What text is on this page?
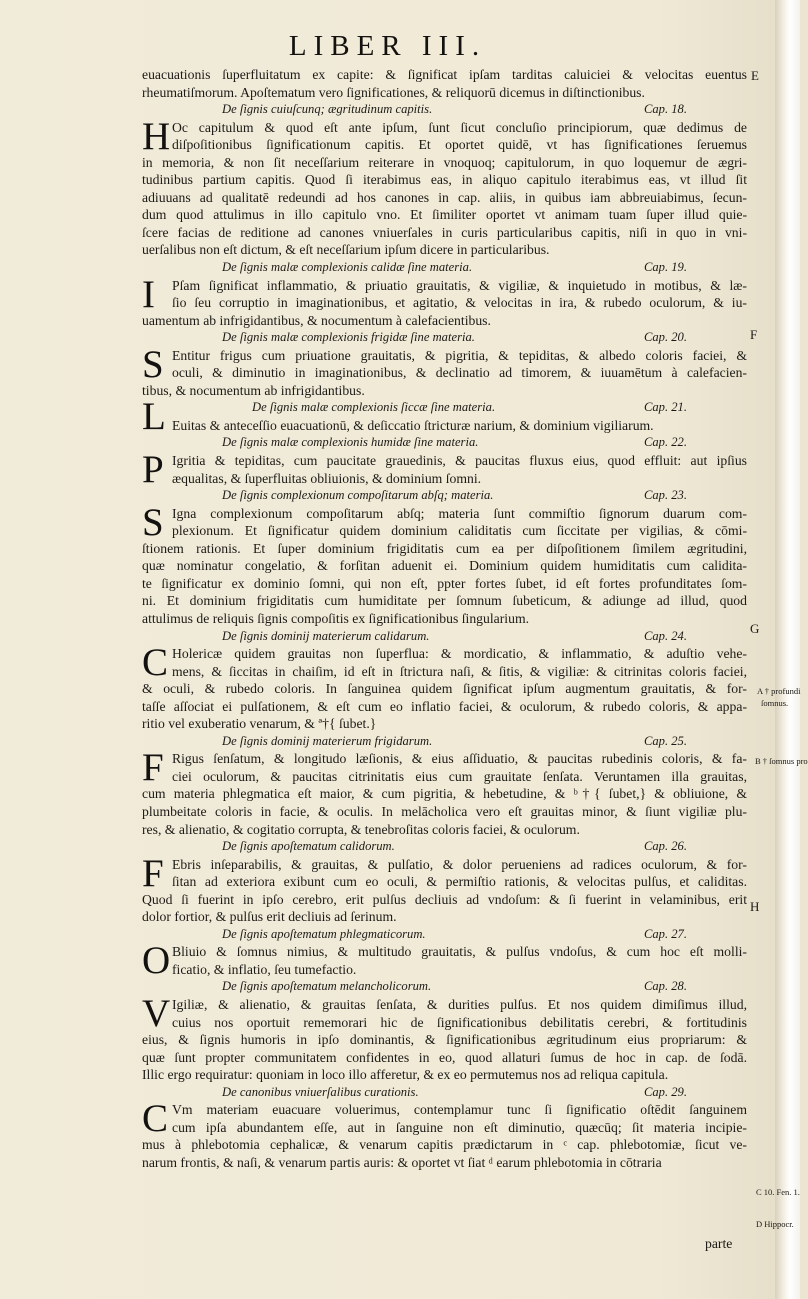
LIBER III.
euacuationis ſuperfluitatum ex capite: & ſignificat ipſam tarditas caluiciei & velocitas euentus
rheumatiſmorum. Apoſtematum vero ſignificationes, & reliquorū dicemus in diſtinctionibus.
De ſignis cuiuſcunq; ægritudinum capitis.	Cap. 18.
H Oc capitulum & quod eſt ante ipſum, ſunt ſicut concluſio principiorum, quæ dedimus de
diſpoſitionibus ſignificationum capitis. Et oportet quidē, vt has ſignificationes ſeruemus
in memoria, & non ſit neceſſarium reiterare in vnoquoq; capitulorum, in quo loquemur de ægri-
tudinibus partium capitis. Quod ſi iterabimus eas, in aliquo capitulo iterabimus eas, vt illud ſit
adiuuans ad qualitatē redeundi ad hos canones in cap. aliis, in quibus iam abbreuiabimus, ſecun-
dum quod attulimus in illo capitulo vno. Et ſimiliter oportet vt animam tuam ſuper illud quie-
ſcere facias de reditione ad canones vniuerſales in curis particularibus capitis, niſi in quo in vni-
uerſalibus non eſt dictum, & eſt neceſſarium ipſum dicere in particularibus.
De ſignis malæ complexionis calidæ ſine materia.	Cap. 19.
I	Pſam ſignificat inflammatio, & priuatio grauitatis, & vigiliæ, & inquietudo in motibus, & læ-
ſio ſeu corruptio in imaginationibus, et agitatio, & velocitas in ira, & rubedo oculorum, & iu-
uamentum ab infrigidantibus, & nocumentum à calefacientibus.
De ſignis malæ complexionis frigidæ ſine materia.	Cap. 20.
S Entitur frigus cum priuatione grauitatis, & pigritia, & tepiditas, & albedo coloris faciei, &
oculi, & diminutio in imaginationibus, & declinatio ad timorem, & iuuamētum à calefacien-
tibus, & nocumentum ab infrigidantibus.
L	De ſignis malæ complexionis ſiccæ ſine materia.	Cap. 21.
Euitas & anteceſſio euacuationū, & deſiccatio ſtricturæ narium, & dominium vigiliarum.
De ſignis malæ complexionis humidæ ſine materia.	Cap. 22.
P Igritia & tepiditas, cum paucitate grauedinis, & paucitas fluxus eius, quod effluit: aut ipſius
æqualitas, & ſuperfluitas obliuionis, & dominium ſomni.
De ſignis complexionum compoſitarum abſq; materia.	Cap. 23.
S Igna complexionum compoſitarum abſq; materia ſunt commiſtio ſignorum duarum com-
plexionum. Et ſignificatur quidem dominium caliditatis cum ſiccitate per vigilias, & cōmi-
ſtionem rationis. Et ſuper dominium frigiditatis cum ea per diſpoſitionem ſimilem ægritudini,
quæ nominatur congelatio, & forſitan aduenit ei. Dominium quidem humiditatis cum calidita-
te ſignificatur ex dominio ſomni, qui non eſt, ppter fortes ſubet, id eſt fortes profunditates ſom-
ni. Et dominium frigiditatis cum humiditate per ſomnum ſubeticum, & adiunge ad illud, quod
attulimus de reliquis ſignis compoſitis ex ſignificationibus ſingularium.
De ſignis dominij materierum calidarum.	Cap. 24.
C Holericæ quidem grauitas non ſuperflua: & mordicatio, & inflammatio, & aduſtio vehe-
mens, & ſiccitas in chaiſim, id eſt in ſtrictura naſi, & ſitis, & vigiliæ: & citrinitas coloris faciei,
& oculi, & rubedo coloris. In ſanguinea quidem ſignificat ipſum augmentum grauitatis, & for-
taſſe aſſociat ei pulſationem, & eſt cum eo inflatio faciei, & oculorum, & rubedo coloris, & appa-
ritio vel exuberatio venarum, & ª†{ ſubet.}
De ſignis dominij materierum frigidarum.	Cap. 25.
F Rigus ſenſatum, & longitudo læſionis, & eius aſſiduatio, & paucitas rubedinis coloris, & fa-
ciei oculorum, & paucitas citrinitatis eius cum grauitate ſenſata. Veruntamen illa grauitas,
cum materia phlegmatica eſt maior, & cum pigritia, & hebetudine, & ᵇ†{ ſubet,} & obliuione, &
plumbeitate coloris in facie, & oculis. In melācholica vero eſt grauitas minor, & ſiunt vigiliæ plu-
res, & alienatio, & cogitatio corrupta, & tenebroſitas coloris faciei, & oculorum.
De ſignis apoſtematum calidorum.	Cap. 26.
F Ebris inſeparabilis, & grauitas, & pulſatio, & dolor perueniens ad radices oculorum, & for-
ſitan ad exteriora exibunt cum eo oculi, & permiſtio rationis, & velocitas pulſus, et caliditas.
Quod ſi fuerint in ipſo cerebro, erit pulſus decliuis ad vndoſum: & ſi fuerint in velaminibus, erit
dolor fortior, & pulſus erit decliuis ad ſerinum.
De ſignis apoſtematum phlegmaticorum.	Cap. 27.
O Bliuio & ſomnus nimius, & multitudo grauitatis, & pulſus vndoſus, & cum hoc eſt molli-
ficatio, & inflatio, ſeu tumefactio.
De ſignis apoſtematum melancholicorum.	Cap. 28.
V Igiliæ, & alienatio, & grauitas ſenſata, & durities pulſus. Et nos quidem dimiſimus illud,
cuius nos oportuit rememorari hic de ſignificationibus debilitatis cerebri, & fortitudinis
eius, & ſignis humoris in ipſo dominantis, & ſignificationibus ægritudinum eius propriarum: &
quæ ſunt propter communitatem confidentes in eo, quod allaturi ſumus de hoc in cap. de ſodā.
Illic ergo requiratur: quoniam in loco illo afferetur, & ex eo permutemus nos ad reliqua capitula.
De canonibus vniuerſalibus curationis.	Cap. 29.
C Vm materiam euacuare voluerimus, contemplamur tunc ſi ſignificatio oſtēdit ſanguinem
cum ipſa abundantem eſſe, aut in ſanguine non eſt diminutio, quæcūq; ſit materia incipie-
mus à phlebotomia cephalicæ, & venarum capitis prædictarum in ᶜ cap. phlebotomiæ, ſicut ve-
narum frontis, & naſi, & venarum partis auris: & oportet vt ſiat ᵈ earum phlebotomia in cōtraria
E
F
G
H
A † profundi
ſomnus.
B † ſomnus pro
C 10. Fen. 1.
D Hippocr.
parte
